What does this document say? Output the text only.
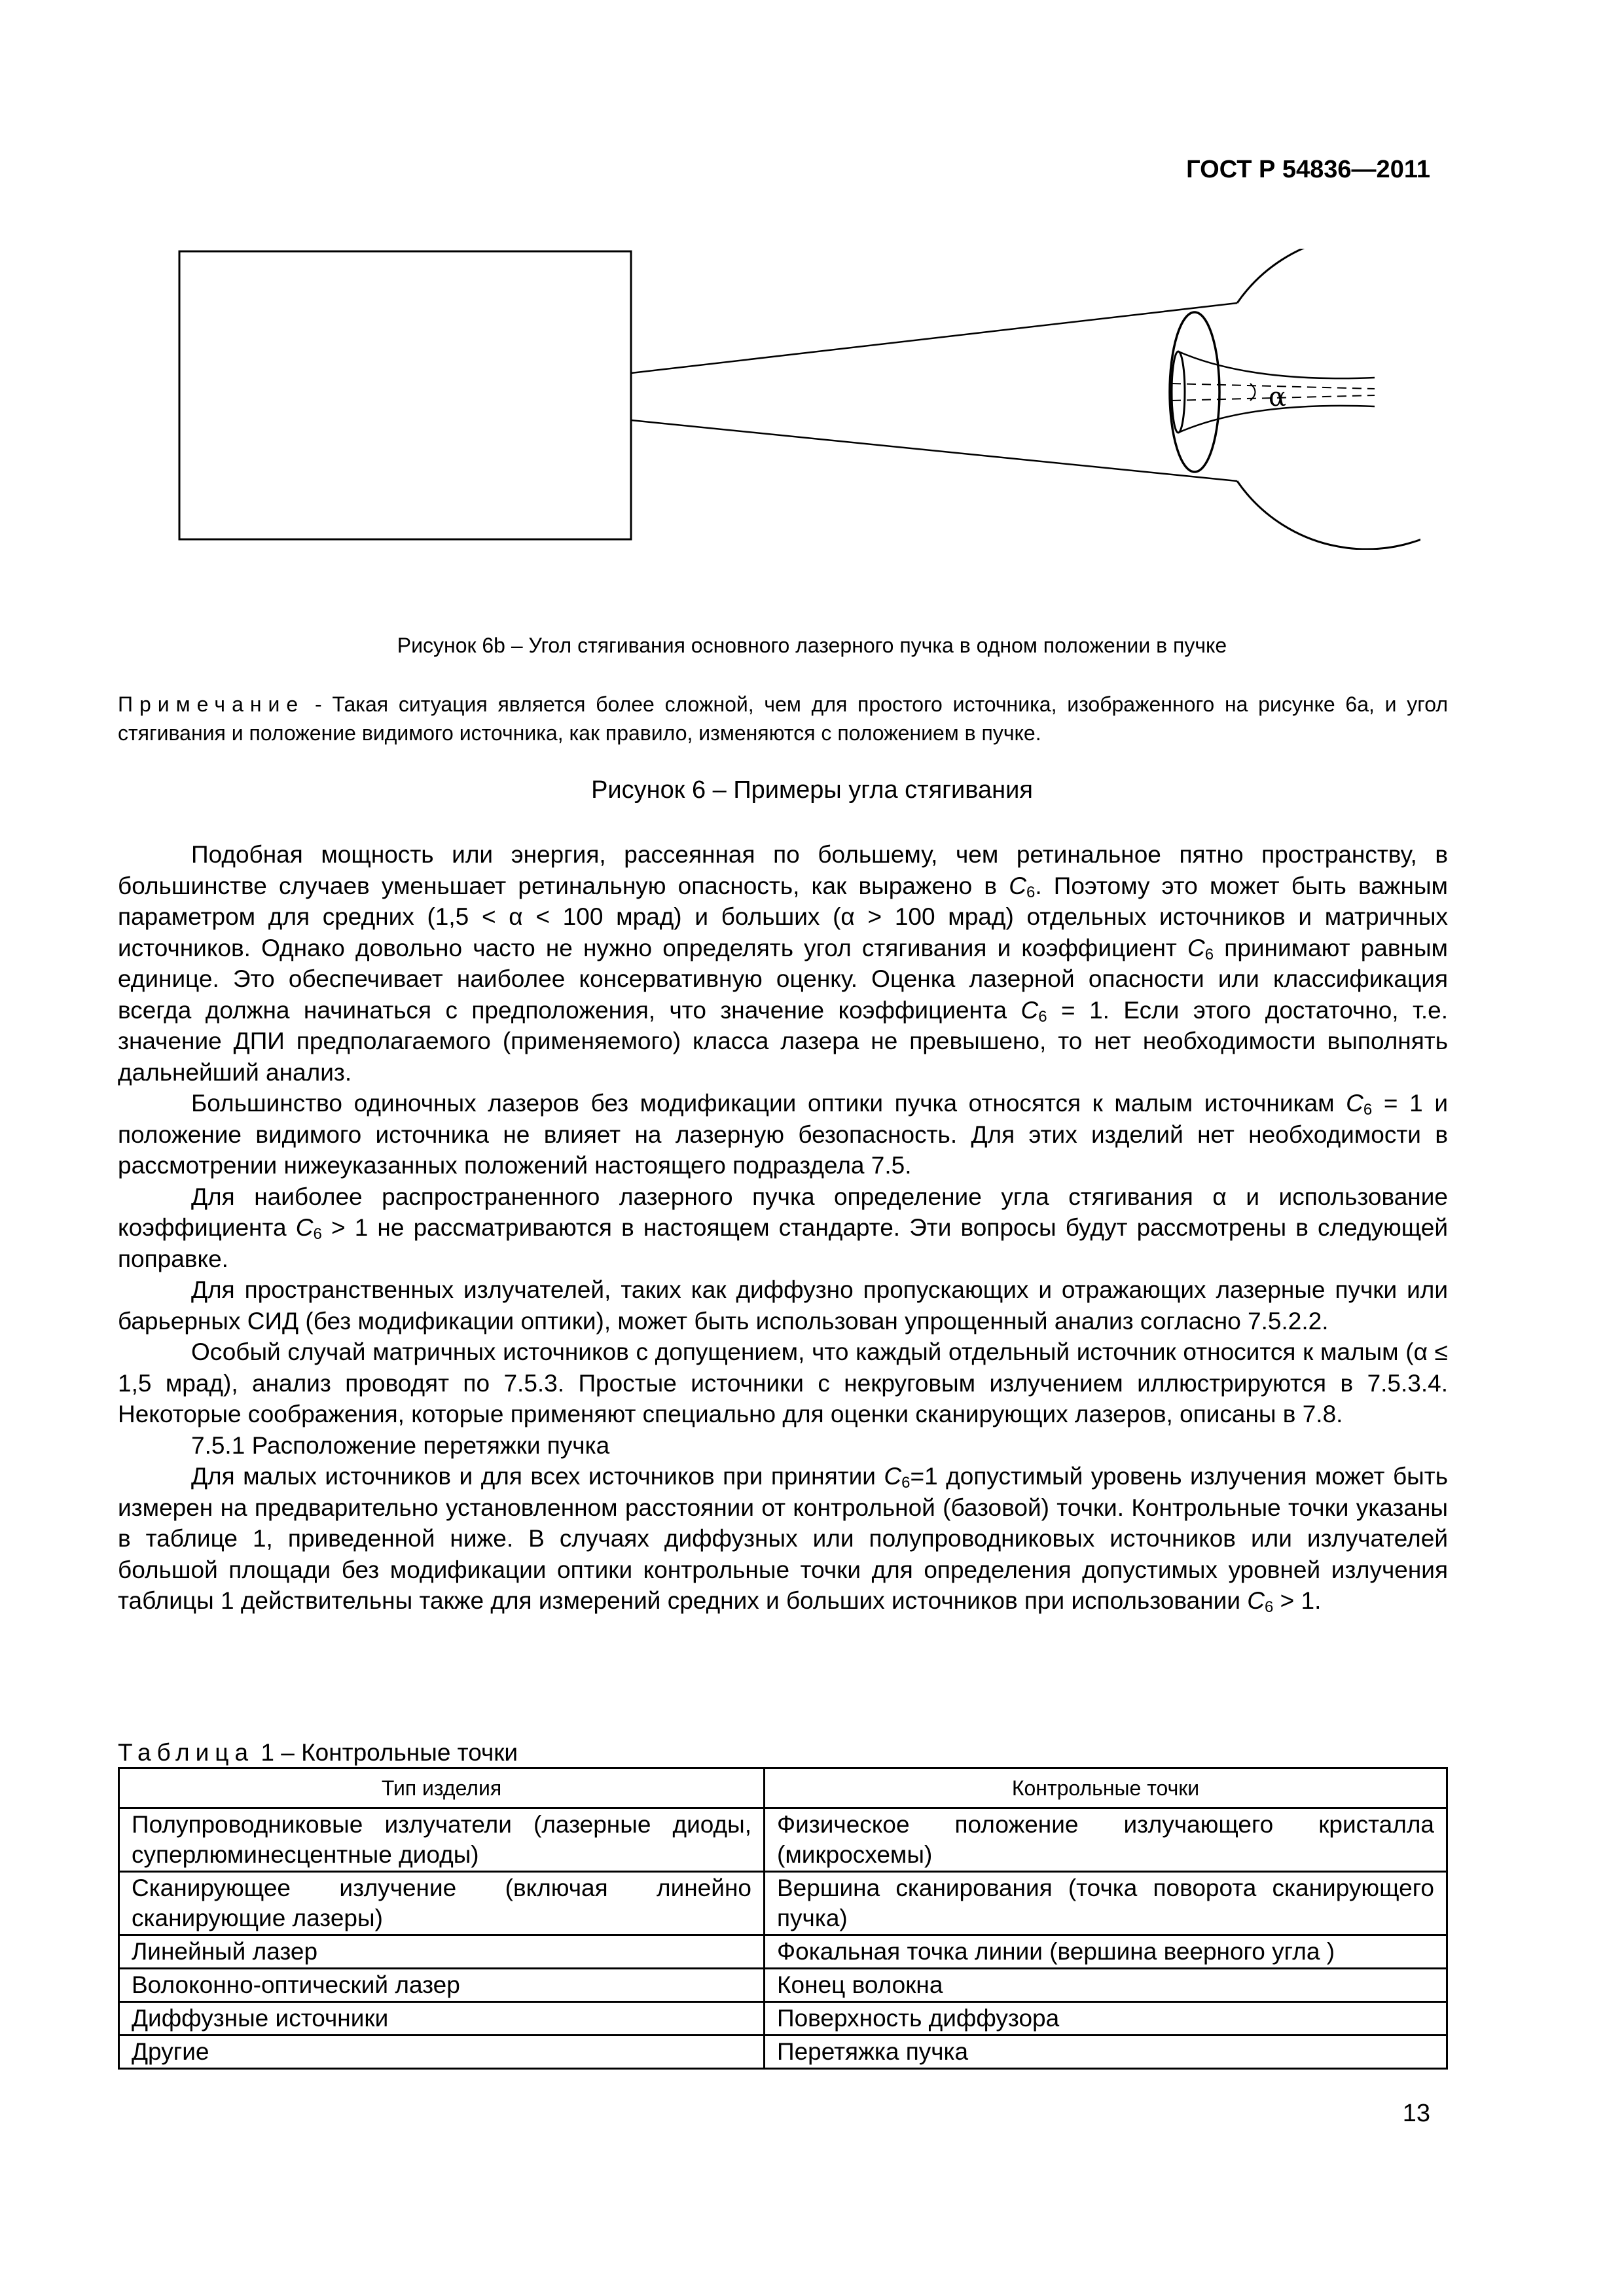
ГОСТ Р 54836—2011
α
Рисунок 6b – Угол стягивания основного лазерного пучка в одном положении в пучке
Примечание - Такая ситуация является более сложной, чем для простого источника, изображенного на рисунке 6а, и угол стягивания и положение видимого источника, как правило, изменяются с положением в пучке.
Рисунок 6 – Примеры угла стягивания

Подобная мощность или энергия, рассеянная по большему, чем ретинальное пятно пространству, в большинстве случаев уменьшает ретинальную опасность, как выражено в $C_6$. Поэтому это может быть важным параметром для средних (1,5 < α < 100 мрад) и больших (α > 100 мрад) отдельных источников и матричных источников. Однако довольно часто не нужно определять угол стягивания и коэффициент $C_6$ принимают равным единице. Это обеспечивает наиболее консервативную оценку. Оценка лазерной опасности или классификация всегда должна начинаться с предположения, что значение коэффициента $C_6 = 1$. Если этого достаточно, т.е. значение ДПИ предполагаемого (применяемого) класса лазера не превышено, то нет необходимости выполнять дальнейший анализ.

Большинство одиночных лазеров без модификации оптики пучка относятся к малым источникам $C_6 = 1$ и положение видимого источника не влияет на лазерную безопасность. Для этих изделий нет необходимости в рассмотрении нижеуказанных положений настоящего подраздела 7.5.

Для наиболее распространенного лазерного пучка определение угла стягивания α и использование коэффициента $C_6 > 1$ не рассматриваются в настоящем стандарте. Эти вопросы будут рассмотрены в следующей поправке.

Для пространственных излучателей, таких как диффузно пропускающих и отражающих лазерные пучки или барьерных СИД (без модификации оптики), может быть использован упрощенный анализ согласно 7.5.2.2.

Особый случай матричных источников с допущением, что каждый отдельный источник относится к малым (α ≤ 1,5 мрад), анализ проводят по 7.5.3. Простые источники с некруговым излучением иллюстрируются в 7.5.3.4. Некоторые соображения, которые применяют специально для оценки сканирующих лазеров, описаны в 7.8.

7.5.1 Расположение перетяжки пучка

Для малых источников и для всех источников при принятии $C_6=1$ допустимый уровень излучения может быть измерен на предварительно установленном расстоянии от контрольной (базовой) точки. Контрольные точки указаны в таблице 1, приведенной ниже. В случаях диффузных или полупроводниковых источников или излучателей большой площади без модификации оптики контрольные точки для определения допустимых уровней излучения таблицы 1 действительны также для измерений средних и больших источников при использовании $C_6 > 1$.

Таблица 1 – Контрольные точки
Тип изделия	Контрольные точки
Полупроводниковые излучатели (лазерные диоды, суперлюминесцентные диоды)	Физическое положение излучающего кристалла (микросхемы)
Сканирующее излучение (включая линейно сканирующие лазеры)	Вершина сканирования (точка поворота сканирующего пучка)
Линейный лазер	Фокальная точка линии (вершина веерного угла )
Волоконно-оптический лазер	Конец волокна
Диффузные источники	Поверхность диффузора
Другие	Перетяжка пучка
13
